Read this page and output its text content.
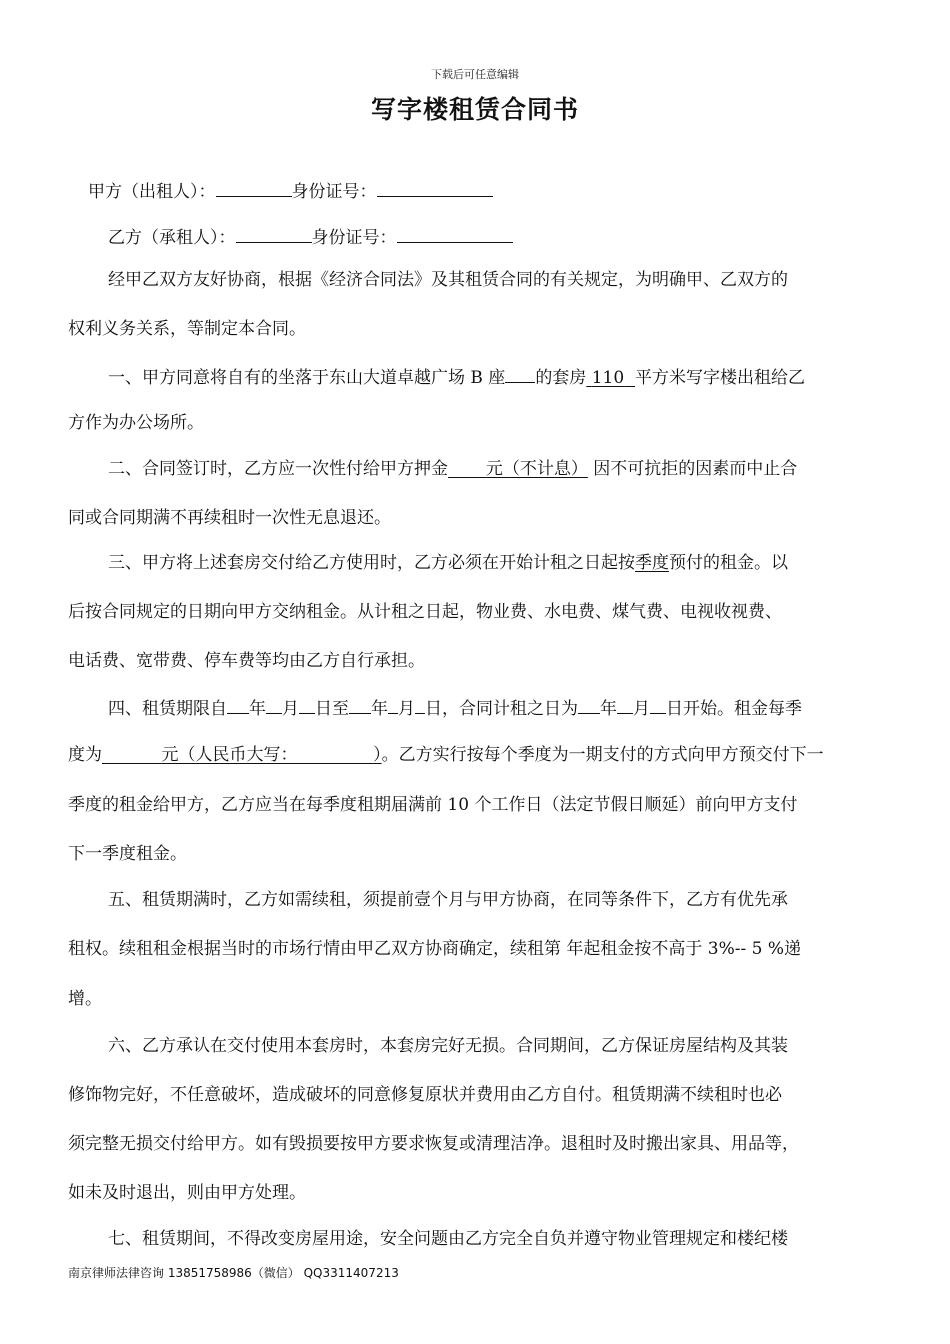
下载后可任意编辑
写字楼租赁合同书
甲方（出租人）：	身份证号：
乙方（承租人）：	身份证号：
经甲乙双方友好协商，根据《经济合同法》及其租赁合同的有关规定，为明确甲、乙双方的
权利义务关系，等制定本合同。
一、甲方同意将自有的坐落于东山大道卓越广场 B 座 的套房 110 平方米写字楼出租给乙
方作为办公场所。
二、合同签订时，乙方应一次性付给甲方押金 元（不计息） 因不可抗拒的因素而中止合
同或合同期满不再续租时一次性无息退还。
三、甲方将上述套房交付给乙方使用时，乙方必须在开始计租之日起按季度预付的租金。以
后按合同规定的日期向甲方交纳租金。从计租之日起，物业费、水电费、煤气费、电视收视费、
电话费、宽带费、停车费等均由乙方自行承担。
四、租赁期限自 年 月 日至 年 月 日，合同计租之日为 年 月 日开始。租金每季
度为	元（人民币大写：	）。乙方实行按每个季度为一期支付的方式向甲方预交付下一
季度的租金给甲方，乙方应当在每季度租期届满前 10 个工作日（法定节假日顺延）前向甲方支付
下一季度租金。
五、租赁期满时，乙方如需续租，须提前壹个月与甲方协商，在同等条件下，乙方有优先承
租权。续租租金根据当时的市场行情由甲乙双方协商确定，续租第 年起租金按不高于 3%-- 5 %递
增。
六、乙方承认在交付使用本套房时，本套房完好无损。合同期间，乙方保证房屋结构及其装
修饰物完好，不任意破坏，造成破坏的同意修复原状并费用由乙方自付。租赁期满不续租时也必
须完整无损交付给甲方。如有毁损要按甲方要求恢复或清理洁净。退租时及时搬出家具、用品等，
如未及时退出，则由甲方处理。
七、租赁期间，不得改变房屋用途，安全问题由乙方完全自负并遵守物业管理规定和楼纪楼
南京律师法律咨询 13851758986（微信） QQ3311407213
